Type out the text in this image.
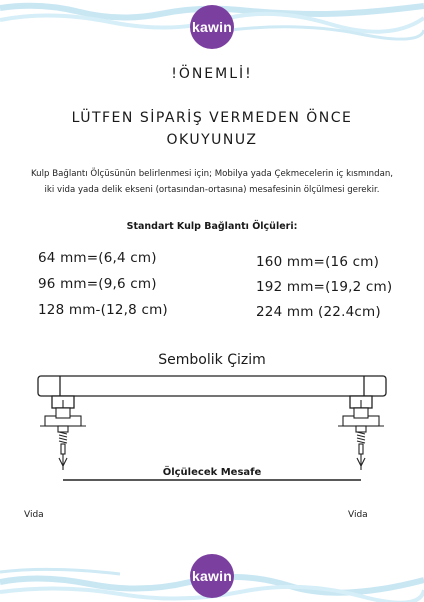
kawin
!ÖNEMLİ!
LÜTFEN SİPARİŞ VERMEDEN ÖNCE
OKUYUNUZ
Kulp Bağlantı Ölçüsünün belirlenmesi için; Mobilya yada Çekmecelerin iç kısmından,
iki vida yada delik ekseni (ortasından-ortasına) mesafesinin ölçülmesi gerekir.
Standart Kulp Bağlantı Ölçüleri:
64 mm=(6,4 cm)
96 mm=(9,6 cm)
128 mm-(12,8 cm)
160 mm=(16 cm)
192 mm=(19,2 cm)
224 mm (22.4cm)
Sembolik Çizim
Ölçülecek Mesafe
Vida	Vida
kawin
